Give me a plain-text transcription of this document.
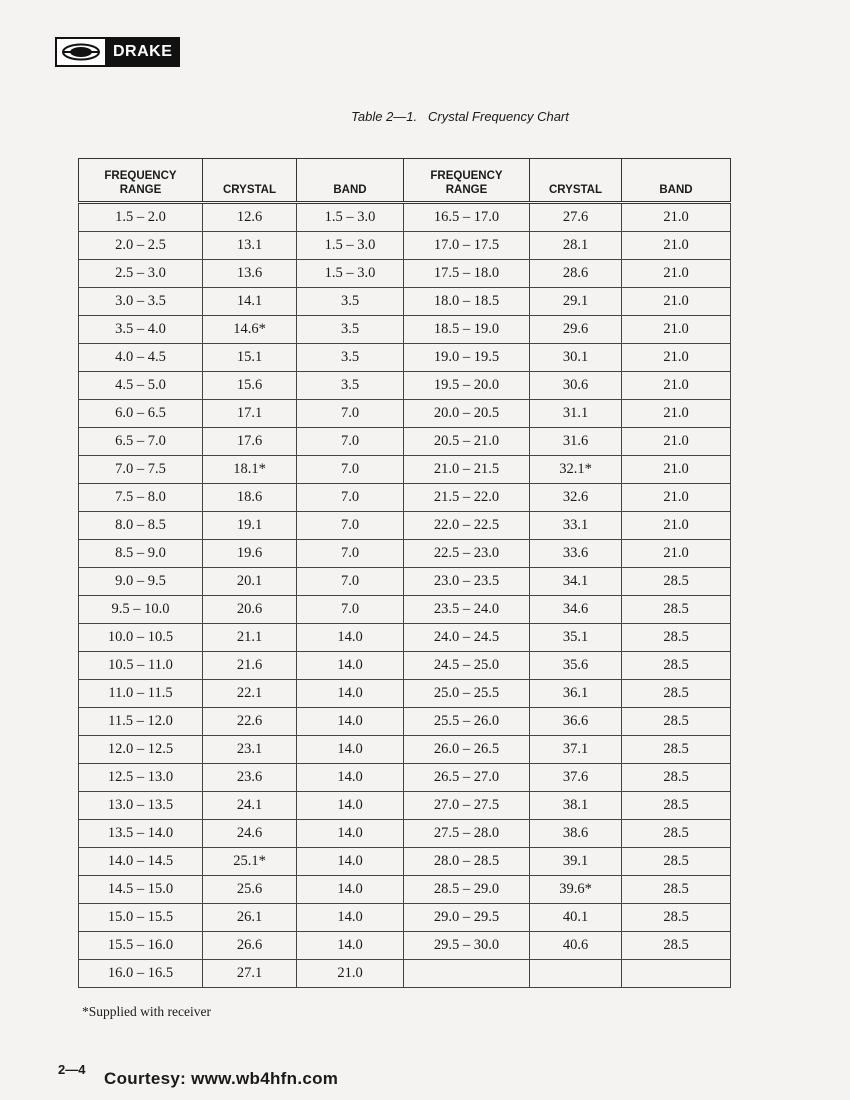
DRAKE
Table 2—1. Crystal Frequency Chart
FREQUENCY RANGE	CRYSTAL	BAND	FREQUENCY RANGE	CRYSTAL	BAND
1.5 – 2.0	12.6	1.5 – 3.0	16.5 – 17.0	27.6	21.0
2.0 – 2.5	13.1	1.5 – 3.0	17.0 – 17.5	28.1	21.0
2.5 – 3.0	13.6	1.5 – 3.0	17.5 – 18.0	28.6	21.0
3.0 – 3.5	14.1	3.5	18.0 – 18.5	29.1	21.0
3.5 – 4.0	14.6*	3.5	18.5 – 19.0	29.6	21.0
4.0 – 4.5	15.1	3.5	19.0 – 19.5	30.1	21.0
4.5 – 5.0	15.6	3.5	19.5 – 20.0	30.6	21.0
6.0 – 6.5	17.1	7.0	20.0 – 20.5	31.1	21.0
6.5 – 7.0	17.6	7.0	20.5 – 21.0	31.6	21.0
7.0 – 7.5	18.1*	7.0	21.0 – 21.5	32.1*	21.0
7.5 – 8.0	18.6	7.0	21.5 – 22.0	32.6	21.0
8.0 – 8.5	19.1	7.0	22.0 – 22.5	33.1	21.0
8.5 – 9.0	19.6	7.0	22.5 – 23.0	33.6	21.0
9.0 – 9.5	20.1	7.0	23.0 – 23.5	34.1	28.5
9.5 – 10.0	20.6	7.0	23.5 – 24.0	34.6	28.5
10.0 – 10.5	21.1	14.0	24.0 – 24.5	35.1	28.5
10.5 – 11.0	21.6	14.0	24.5 – 25.0	35.6	28.5
11.0 – 11.5	22.1	14.0	25.0 – 25.5	36.1	28.5
11.5 – 12.0	22.6	14.0	25.5 – 26.0	36.6	28.5
12.0 – 12.5	23.1	14.0	26.0 – 26.5	37.1	28.5
12.5 – 13.0	23.6	14.0	26.5 – 27.0	37.6	28.5
13.0 – 13.5	24.1	14.0	27.0 – 27.5	38.1	28.5
13.5 – 14.0	24.6	14.0	27.5 – 28.0	38.6	28.5
14.0 – 14.5	25.1*	14.0	28.0 – 28.5	39.1	28.5
14.5 – 15.0	25.6	14.0	28.5 – 29.0	39.6*	28.5
15.0 – 15.5	26.1	14.0	29.0 – 29.5	40.1	28.5
15.5 – 16.0	26.6	14.0	29.5 – 30.0	40.6	28.5
16.0 – 16.5	27.1	21.0			
*Supplied with receiver
2—4 Courtesy: www.wb4hfn.com
